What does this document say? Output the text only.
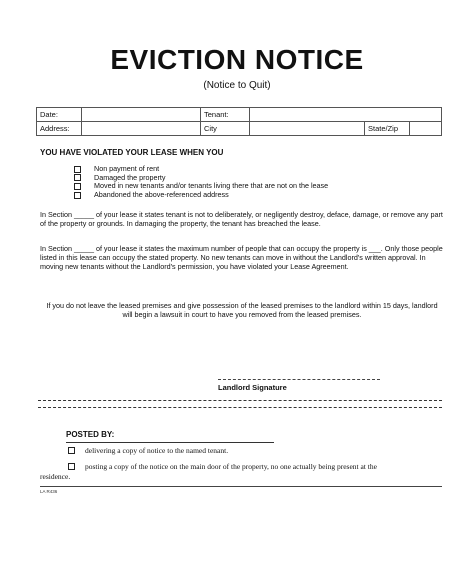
EVICTION NOTICE
(Notice to Quit)
Date:		Tenant:			
Address:		City		State/Zip	
YOU HAVE VIOLATED YOUR LEASE WHEN YOU
Non payment of rent
Damaged the property
Moved in new tenants and/or tenants living there that are not on the lease
Abandoned the above-referenced address
In Section _____ of your lease it states tenant is not to deliberately, or negligently destroy, deface, damage, or remove any part of the property or grounds. In damaging the property, the tenant has breached the lease.
In Section _____ of your lease it states the maximum number of people that can occupy the property is ___. Only those people listed in this lease can occupy the stated property. No new tenants can move in without the Landlord's written approval. In moving new tenants without the Landlord's permission, you have violated your Lease Agreement.
If you do not leave the leased premises and give possession of the leased premises to the landlord within 15 days, landlord will begin a lawsuit in court to have you removed from the leased premises.
Landlord Signature
POSTED BY:
delivering a copy of notice to the named tenant.
posting a copy of the notice on the main door of the property, no one actually being present at the
residence.
LA R436
